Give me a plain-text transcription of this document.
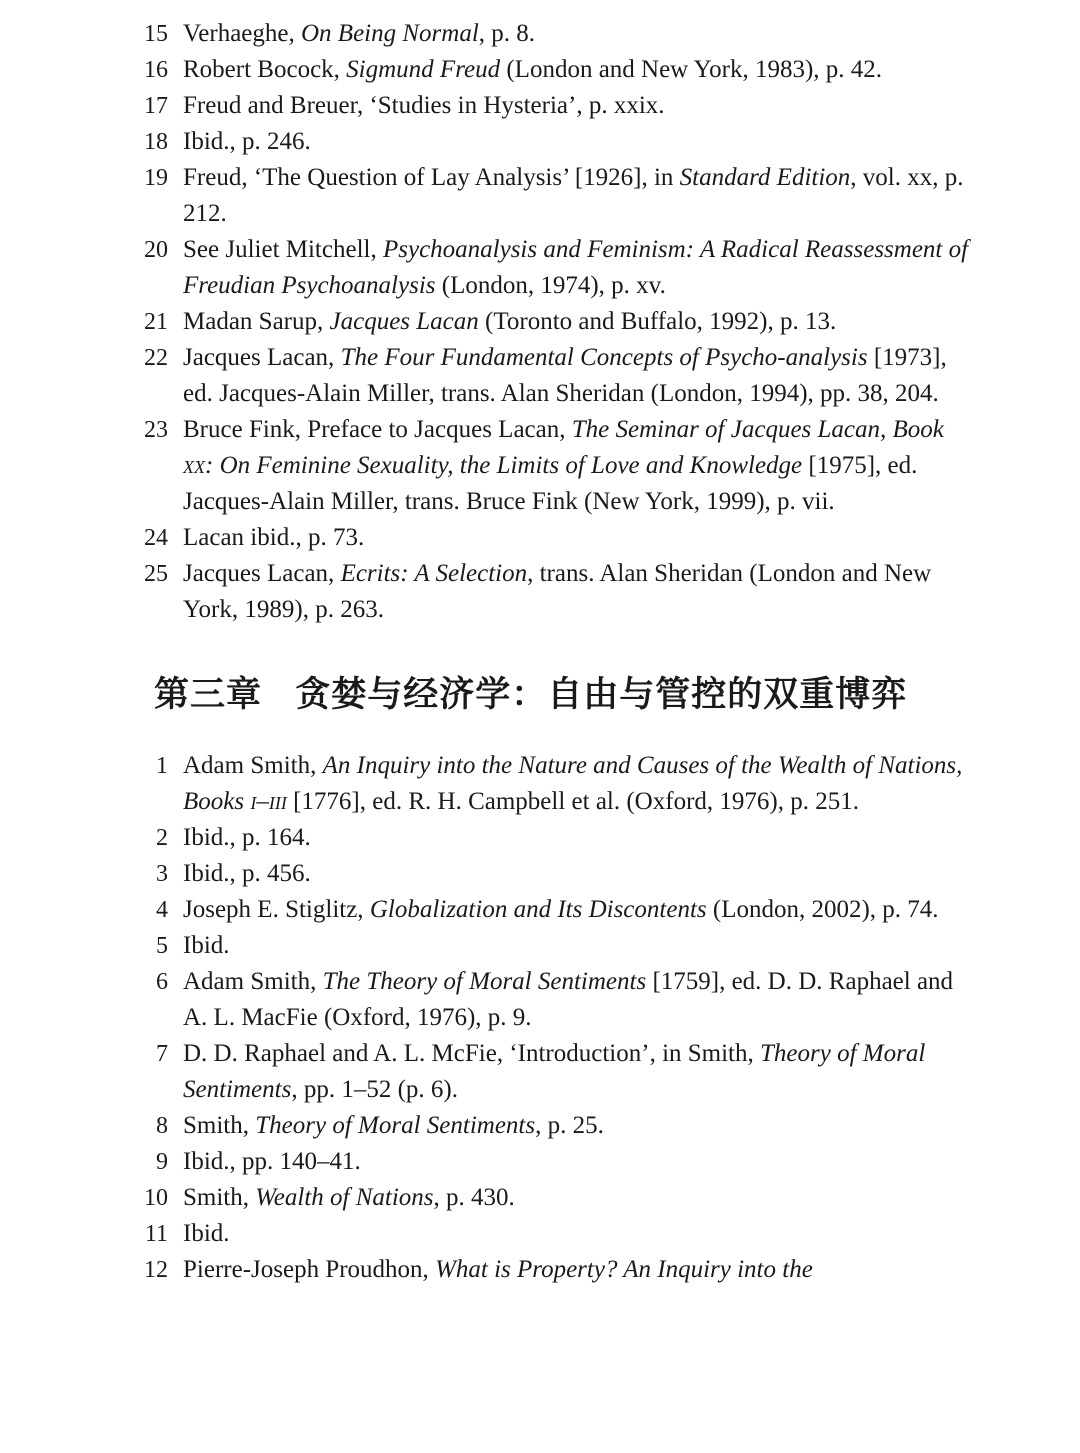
15 Verhaeghe, On Being Normal, p. 8.
16 Robert Bocock, Sigmund Freud (London and New York, 1983), p. 42.
17 Freud and Breuer, ‘Studies in Hysteria’, p. xxix.
18 Ibid., p. 246.
19 Freud, ‘The Question of Lay Analysis’ [1926], in Standard Edition, vol. xx, p. 212.
20 See Juliet Mitchell, Psychoanalysis and Feminism: A Radical Reassessment of Freudian Psychoanalysis (London, 1974), p. xv.
21 Madan Sarup, Jacques Lacan (Toronto and Buffalo, 1992), p. 13.
22 Jacques Lacan, The Four Fundamental Concepts of Psycho-analysis [1973], ed. Jacques-Alain Miller, trans. Alan Sheridan (London, 1994), pp. 38, 204.
23 Bruce Fink, Preface to Jacques Lacan, The Seminar of Jacques Lacan, Book xx: On Feminine Sexuality, the Limits of Love and Knowledge [1975], ed. Jacques-Alain Miller, trans. Bruce Fink (New York, 1999), p. vii.
24 Lacan ibid., p. 73.
25 Jacques Lacan, Ecrits: A Selection, trans. Alan Sheridan (London and New York, 1989), p. 263.
第三章 贪婪与经济学：自由与管控的双重博弈
1 Adam Smith, An Inquiry into the Nature and Causes of the Wealth of Nations, Books i–iii [1776], ed. R. H. Campbell et al. (Oxford, 1976), p. 251.
2 Ibid., p. 164.
3 Ibid., p. 456.
4 Joseph E. Stiglitz, Globalization and Its Discontents (London, 2002), p. 74.
5 Ibid.
6 Adam Smith, The Theory of Moral Sentiments [1759], ed. D. D. Raphael and A. L. MacFie (Oxford, 1976), p. 9.
7 D. D. Raphael and A. L. McFie, ‘Introduction’, in Smith, Theory of Moral Sentiments, pp. 1–52 (p. 6).
8 Smith, Theory of Moral Sentiments, p. 25.
9 Ibid., pp. 140–41.
10 Smith, Wealth of Nations, p. 430.
11 Ibid.
12 Pierre-Joseph Proudhon, What is Property? An Inquiry into the
